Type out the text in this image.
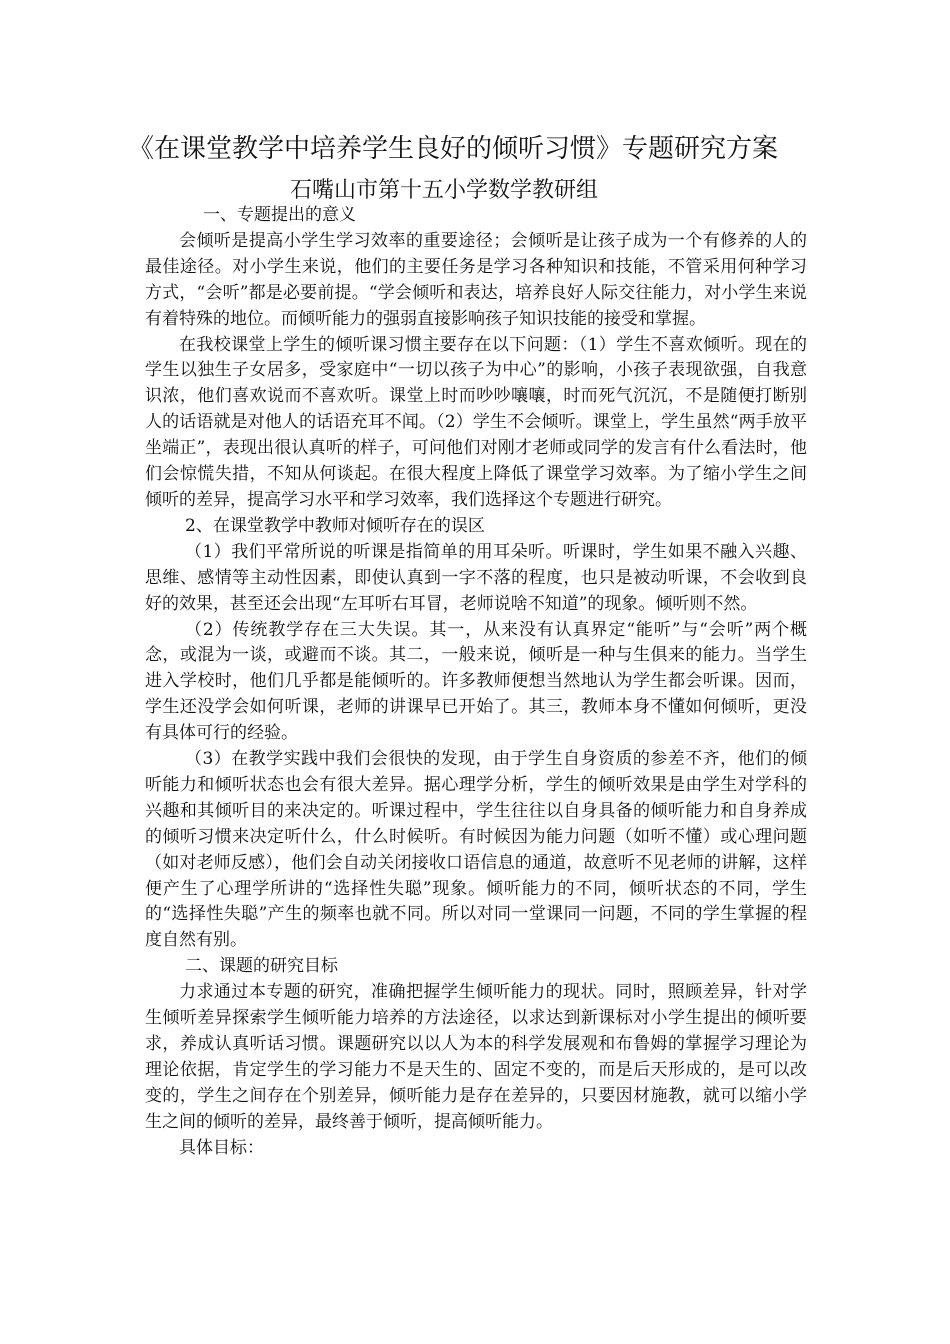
《在课堂教学中培养学生良好的倾听习惯》专题研究方案
石嘴山市第十五小学数学教研组

一、专题提出的意义

会倾听是提高小学生学习效率的重要途径；会倾听是让孩子成为一个有修养的人的最佳途径。对小学生来说，他们的主要任务是学习各种知识和技能，不管采用何种学习方式，“会听”都是必要前提。“学会倾听和表达，培养良好人际交往能力，对小学生来说有着特殊的地位。而倾听能力的强弱直接影响孩子知识技能的接受和掌握。

在我校课堂上学生的倾听课习惯主要存在以下问题：（1）学生不喜欢倾听。现在的学生以独生子女居多，受家庭中“一切以孩子为中心”的影响，小孩子表现欲强，自我意识浓，他们喜欢说而不喜欢听。课堂上时而吵吵嚷嚷，时而死气沉沉，不是随便打断别人的话语就是对他人的话语充耳不闻。（2）学生不会倾听。课堂上，学生虽然“两手放平坐端正”，表现出很认真听的样子，可问他们对刚才老师或同学的发言有什么看法时，他们会惊慌失措，不知从何谈起。在很大程度上降低了课堂学习效率。为了缩小学生之间倾听的差异，提高学习水平和学习效率，我们选择这个专题进行研究。

2、在课堂教学中教师对倾听存在的误区

（1）我们平常所说的听课是指简单的用耳朵听。听课时，学生如果不融入兴趣、思维、感情等主动性因素，即使认真到一字不落的程度，也只是被动听课，不会收到良好的效果，甚至还会出现“左耳听右耳冒，老师说啥不知道”的现象。倾听则不然。

（2）传统教学存在三大失误。其一，从来没有认真界定“能听”与“会听”两个概念，或混为一谈，或避而不谈。其二，一般来说，倾听是一种与生俱来的能力。当学生进入学校时，他们几乎都是能倾听的。许多教师便想当然地认为学生都会听课。因而，学生还没学会如何听课，老师的讲课早已开始了。其三，教师本身不懂如何倾听，更没有具体可行的经验。

（3）在教学实践中我们会很快的发现，由于学生自身资质的参差不齐，他们的倾听能力和倾听状态也会有很大差异。据心理学分析，学生的倾听效果是由学生对学科的兴趣和其倾听目的来决定的。听课过程中，学生往往以自身具备的倾听能力和自身养成的倾听习惯来决定听什么，什么时候听。有时候因为能力问题（如听不懂）或心理问题（如对老师反感），他们会自动关闭接收口语信息的通道，故意听不见老师的讲解，这样便产生了心理学所讲的“选择性失聪”现象。倾听能力的不同，倾听状态的不同，学生的“选择性失聪”产生的频率也就不同。所以对同一堂课同一问题，不同的学生掌握的程度自然有别。

二、课题的研究目标

力求通过本专题的研究，准确把握学生倾听能力的现状。同时，照顾差异，针对学生倾听差异探索学生倾听能力培养的方法途径，以求达到新课标对小学生提出的倾听要求，养成认真听话习惯。课题研究以以人为本的科学发展观和布鲁姆的掌握学习理论为理论依据，肯定学生的学习能力不是天生的、固定不变的，而是后天形成的，是可以改变的，学生之间存在个别差异，倾听能力是存在差异的，只要因材施教，就可以缩小学生之间的倾听的差异，最终善于倾听，提高倾听能力。

具体目标：
